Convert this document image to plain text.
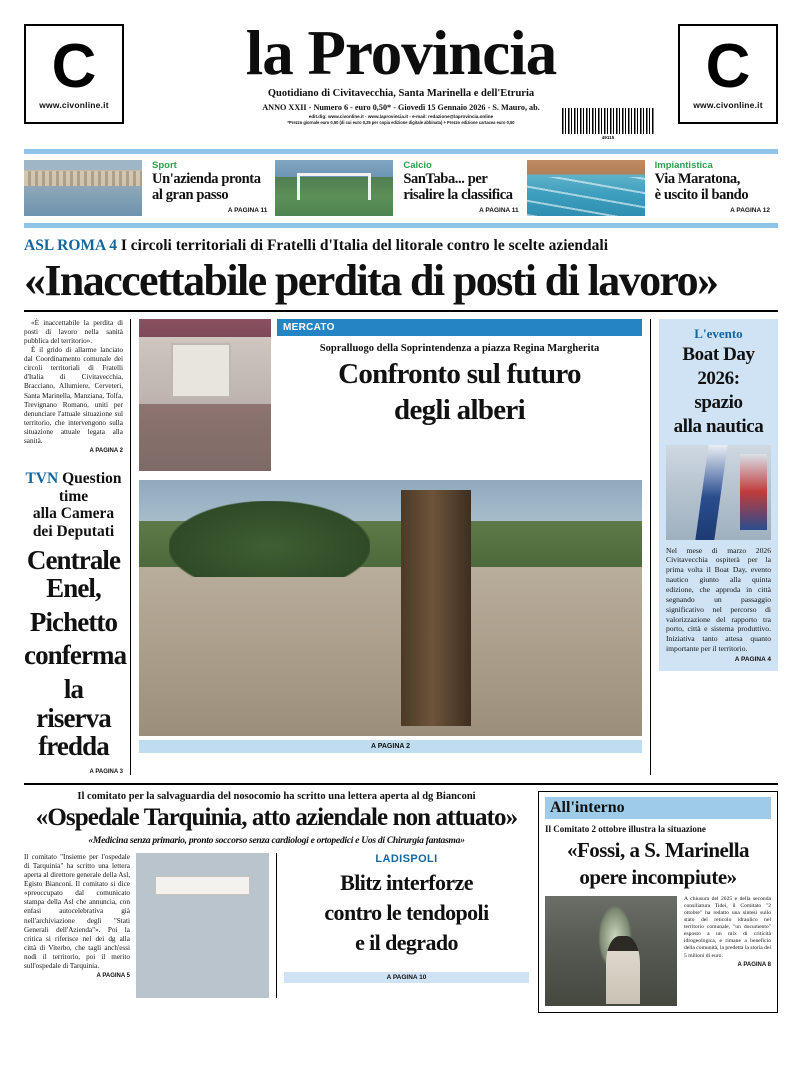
C
www.civonline.it
la Provincia
Quotidiano di Civitavecchia, Santa Marinella e dell'Etruria
ANNO XXII - Numero 6 - euro 0,50* - Giovedì 15 Gennaio 2026 - S. Mauro, ab.
edit.dig: www.civonline.it - www.laprovincia.it - e-mail: redazione@laprovincia.online
*Prezzo giornale euro 0,50 (di cui euro 0,25 per copia edizione digitale abbinata) + Prezzo edizione cartacea euro 0,50
C
www.civonline.it
49115
Sport
Un'azienda pronta
al gran passo
A PAGINA 11
Calcio
SanTaba... per
risalire la classifica
A PAGINA 11
Impiantistica
Via Maratona,
è uscito il bando
A PAGINA 12
ASL ROMA 4 I circoli territoriali di Fratelli d'Italia del litorale contro le scelte aziendali
«Inaccettabile perdita di posti di lavoro»
«È inaccettabile la perdita di posti di lavoro nella sanità pubblica del territorio».
È il grido di allarme lanciato dal Coordinamento comunale dei circoli territoriali di Fratelli d'Italia di Civitavecchia, Bracciano, Allumiere, Cerveteri, Santa Marinella, Manziana, Tolfa, Trevignano Romano, uniti per denunciare l'attuale situazione sul territorio, che intervengono sulla situazione attuale legata alla sanità.
A PAGINA 2
TVN Question time
alla Camera dei Deputati
Centrale Enel,
Pichetto
conferma
la riserva fredda
A PAGINA 3
MERCATO
Sopralluogo della Soprintendenza a piazza Regina Margherita
Confronto sul futuro
degli alberi
A PAGINA 2
L'evento
Boat Day
2026:
spazio
alla nautica
Nel mese di marzo 2026 Civitavecchia ospiterà per la prima volta il Boat Day, evento nautico giunto alla quinta edizione, che approda in città segnando un passaggio significativo nel percorso di valorizzazione del rapporto tra porto, città e sistema produttivo. Iniziativa tanto attesa quanto importante per il territorio.
A PAGINA 4
Il comitato per la salvaguardia del nosocomio ha scritto una lettera aperta al dg Bianconi
«Ospedale Tarquinia, atto aziendale non attuato»
«Medicina senza primario, pronto soccorso senza cardiologi e ortopedici e Uos di Chirurgia fantasma»
Il comitato "Insieme per l'ospedale di Tarquinia" ha scritto una lettera aperta al direttore generale della Asl, Egisto Bianconi. Il comitato si dice «preoccupato dal comunicato stampa della Asl che annuncia, con enfasi autocelebrativa già nell'archiviazione degli "Stati Generali dell'Azienda"». Poi la critica si riferisce nel dei dg alla città di Viterbo, che tagli anch'essi nodi il territorio, poi il merito sull'ospedale di Tarquinia.
A PAGINA 5
LADISPOLI
Blitz interforze
contro le tendopoli
e il degrado
A PAGINA 10
All'interno
Il Comitato 2 ottobre illustra la situazione
«Fossi, a S. Marinella
opere incompiute»
A chiusura del 2025 e della seconda consiliatura Tidei, il Comitato "2 ottobre" ha redatto una sintesi sullo stato del reticolo idraulico nel territorio comunale, "un documento" esposto a un mix di criticità idrogeologica, e rimane a beneficio della comunità, la predetta la storia dei 5 milioni di euro.
A PAGINA 8
